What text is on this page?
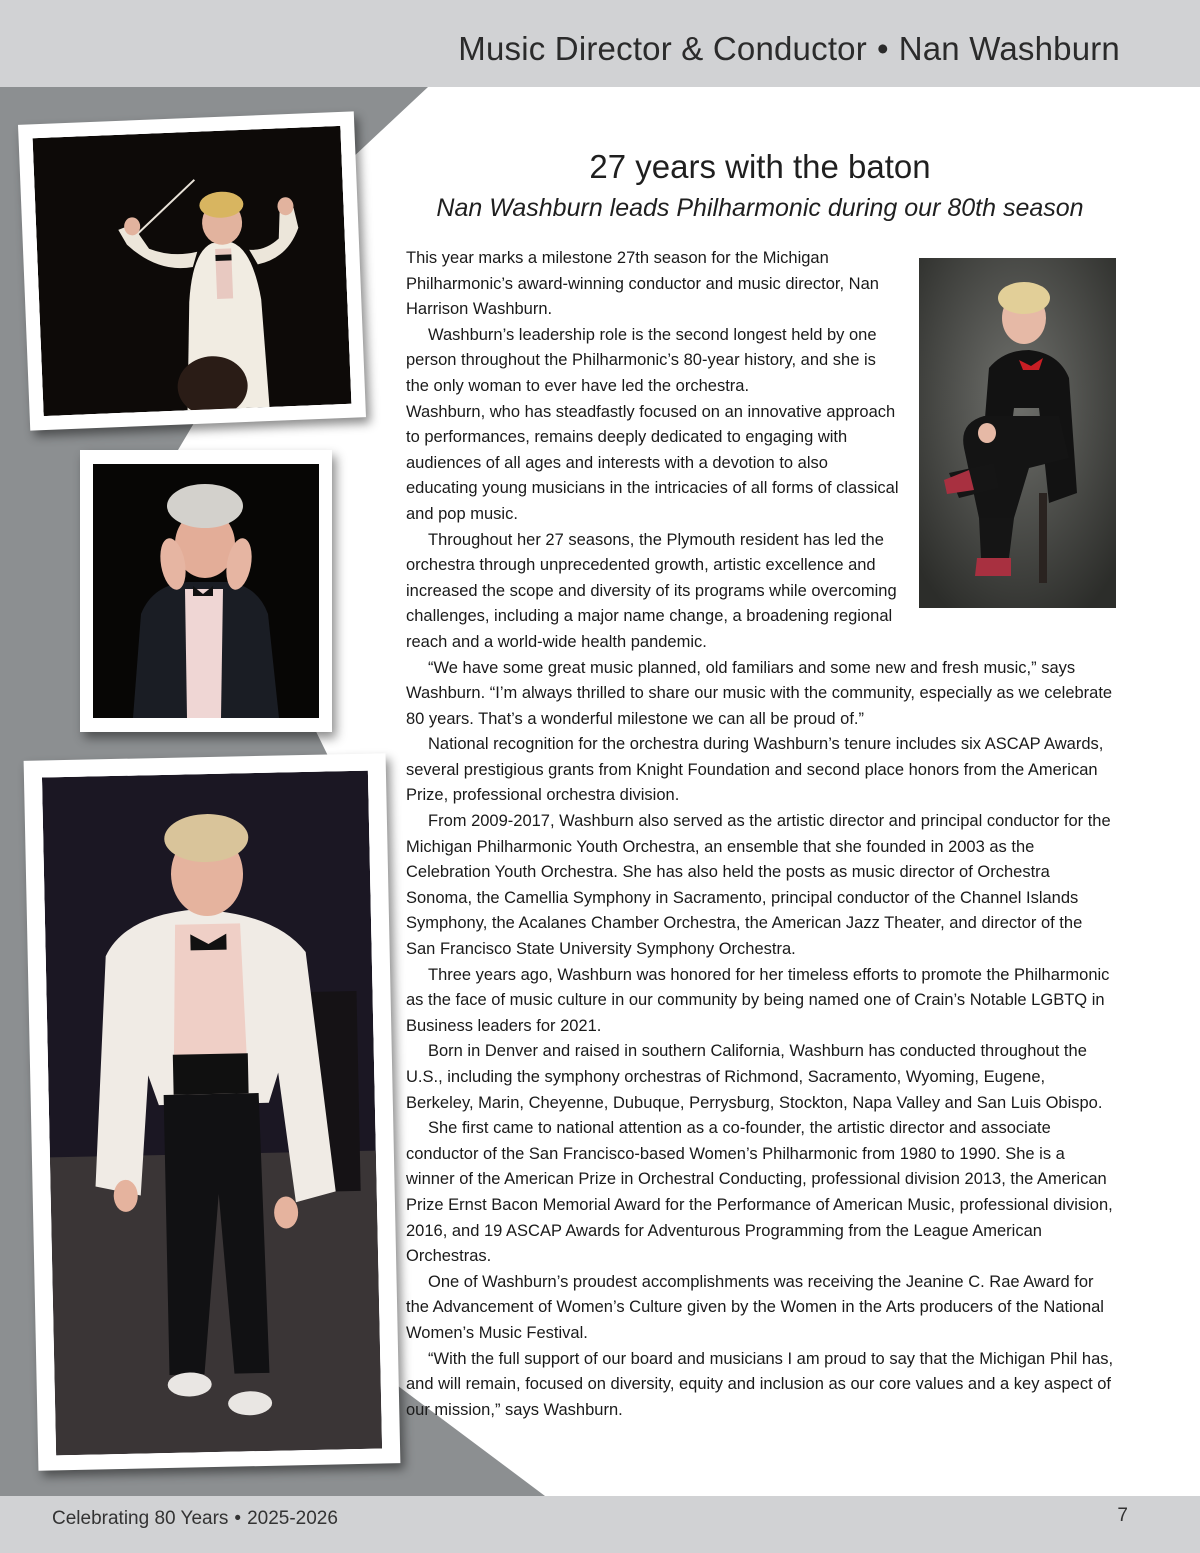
Music Director & Conductor • Nan Washburn
27 years with the baton
Nan Washburn leads Philharmonic during our 80th season

This year marks a milestone 27th season for the Michigan Philharmonic’s award-winning conductor and music director, Nan Harrison Washburn.

Washburn’s leadership role is the second longest held by one person throughout the Philharmonic’s 80-year history, and she is the only woman to ever have led the orchestra.

Washburn, who has steadfastly focused on an innovative approach to performances, remains deeply dedicated to engaging with audiences of all ages and interests with a devotion to also educating young musicians in the intricacies of all forms of classical and pop music.

Throughout her 27 seasons, the Plymouth resident has led the orchestra through unprecedented growth, artistic excellence and increased the scope and diversity of its programs while overcoming challenges, including a major name change, a broadening regional reach and a world-wide health pandemic.

“We have some great music planned, old familiars and some new and fresh music,” says Washburn. “I’m always thrilled to share our music with the community, especially as we celebrate 80 years. That’s a wonderful milestone we can all be proud of.”

National recognition for the orchestra during Washburn’s tenure includes six ASCAP Awards, several prestigious grants from Knight Foundation and second place honors from the American Prize, professional orchestra division.

From 2009-2017, Washburn also served as the artistic director and principal conductor for the Michigan Philharmonic Youth Orchestra, an ensemble that she founded in 2003 as the Celebration Youth Orchestra. She has also held the posts as music director of Orchestra Sonoma, the Camellia Symphony in Sacramento, principal conductor of the Channel Islands Symphony, the Acalanes Chamber Orchestra, the American Jazz Theater, and director of the San Francisco State University Symphony Orchestra.

Three years ago, Washburn was honored for her timeless efforts to promote the Philharmonic as the face of music culture in our community by being named one of Crain’s Notable LGBTQ in Business leaders for 2021.

Born in Denver and raised in southern California, Washburn has conducted throughout the U.S., including the symphony orchestras of Richmond, Sacramento, Wyoming, Eugene, Berkeley, Marin, Cheyenne, Dubuque, Perrysburg, Stockton, Napa Valley and San Luis Obispo.

She first came to national attention as a co-founder, the artistic director and associate conductor of the San Francisco-based Women’s Philharmonic from 1980 to 1990. She is a winner of the American Prize in Orchestral Conducting, professional division 2013, the American Prize Ernst Bacon Memorial Award for the Performance of American Music, professional division, 2016, and 19 ASCAP Awards for Adventurous Programming from the League American Orchestras.

One of Washburn’s proudest accomplishments was receiving the Jeanine C. Rae Award for the Advancement of Women’s Culture given by the Women in the Arts producers of the National Women’s Music Festival.

“With the full support of our board and musicians I am proud to say that the Michigan Phil has, and will remain, focused on diversity, equity and inclusion as our core values and a key aspect of our mission,” says Washburn.

Celebrating 80 Years • 2025-2026	7
